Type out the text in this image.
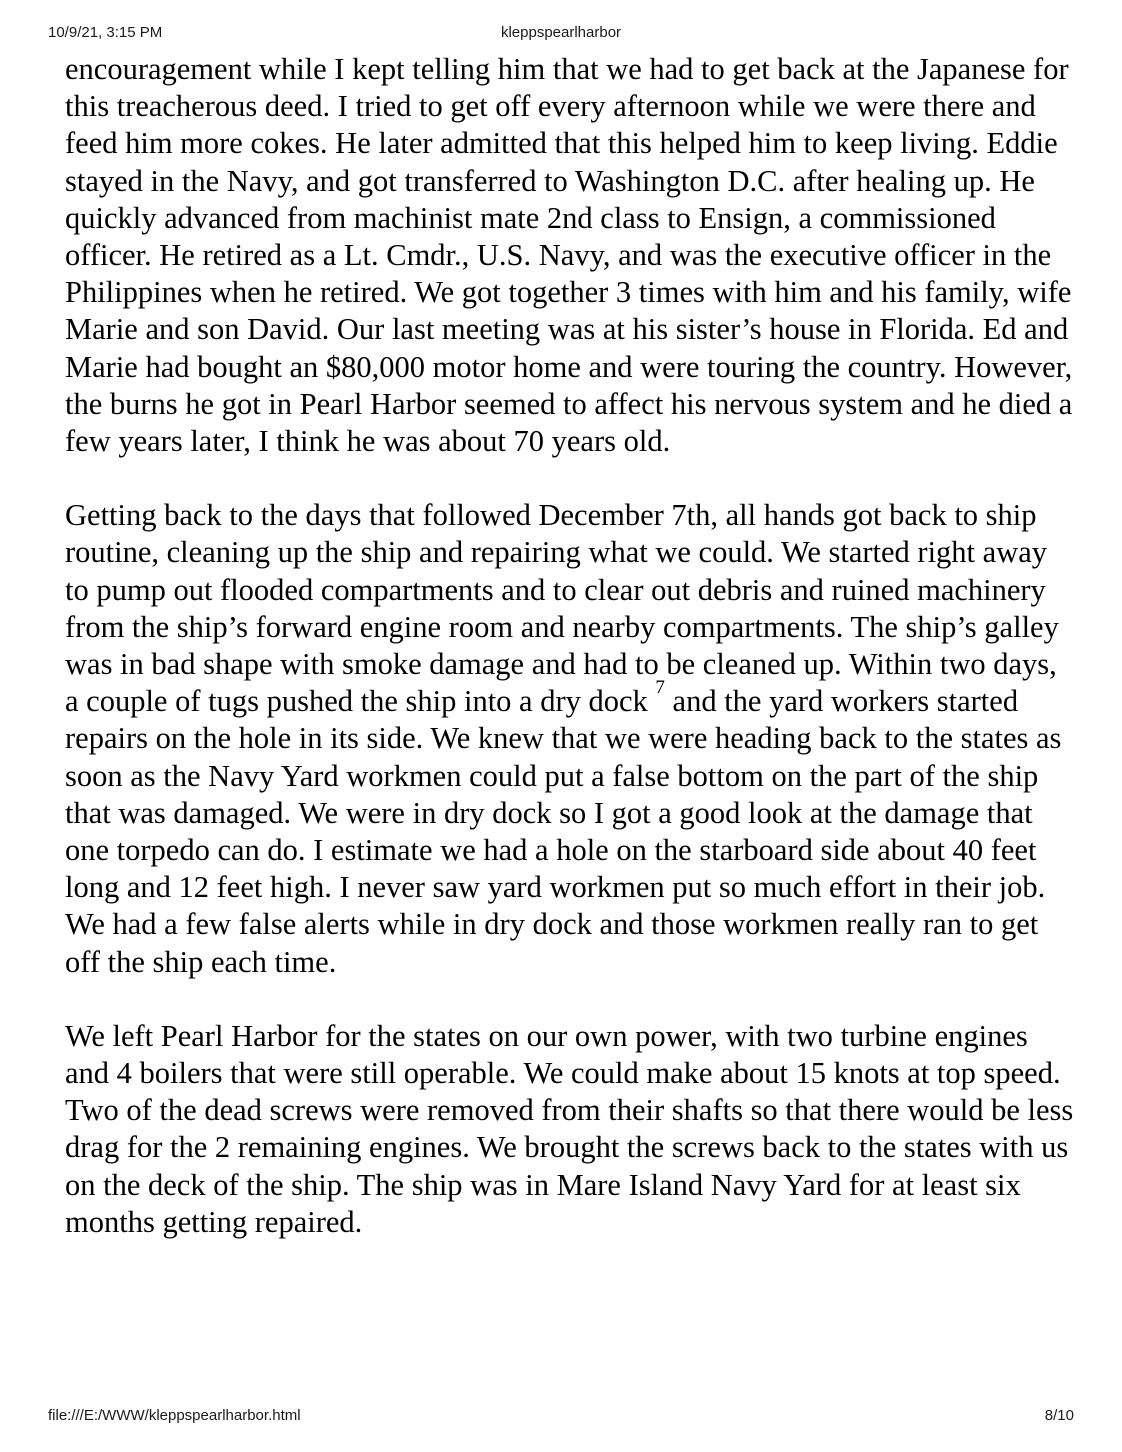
10/9/21, 3:15 PM	kleppspearlharbor

encouragement while I kept telling him that we had to get back at the Japanese for this treacherous deed. I tried to get off every afternoon while we were there and feed him more cokes. He later admitted that this helped him to keep living. Eddie stayed in the Navy, and got transferred to Washington D.C. after healing up. He quickly advanced from machinist mate 2nd class to Ensign, a commissioned officer. He retired as a Lt. Cmdr., U.S. Navy, and was the executive officer in the Philippines when he retired. We got together 3 times with him and his family, wife Marie and son David. Our last meeting was at his sister’s house in Florida. Ed and Marie had bought an $80,000 motor home and were touring the country. However, the burns he got in Pearl Harbor seemed to affect his nervous system and he died a few years later, I think he was about 70 years old.

Getting back to the days that followed December 7th, all hands got back to ship routine, cleaning up the ship and repairing what we could. We started right away to pump out flooded compartments and to clear out debris and ruined machinery from the ship’s forward engine room and nearby compartments. The ship’s galley was in bad shape with smoke damage and had to be cleaned up. Within two days, a couple of tugs pushed the ship into a dry dock $^7$ and the yard workers started repairs on the hole in its side. We knew that we were heading back to the states as soon as the Navy Yard workmen could put a false bottom on the part of the ship that was damaged. We were in dry dock so I got a good look at the damage that one torpedo can do. I estimate we had a hole on the starboard side about 40 feet long and 12 feet high. I never saw yard workmen put so much effort in their job. We had a few false alerts while in dry dock and those workmen really ran to get off the ship each time.

We left Pearl Harbor for the states on our own power, with two turbine engines and 4 boilers that were still operable. We could make about 15 knots at top speed. Two of the dead screws were removed from their shafts so that there would be less drag for the 2 remaining engines. We brought the screws back to the states with us on the deck of the ship. The ship was in Mare Island Navy Yard for at least six months getting repaired.

file:///E:/WWW/kleppspearlharbor.html	8/10
